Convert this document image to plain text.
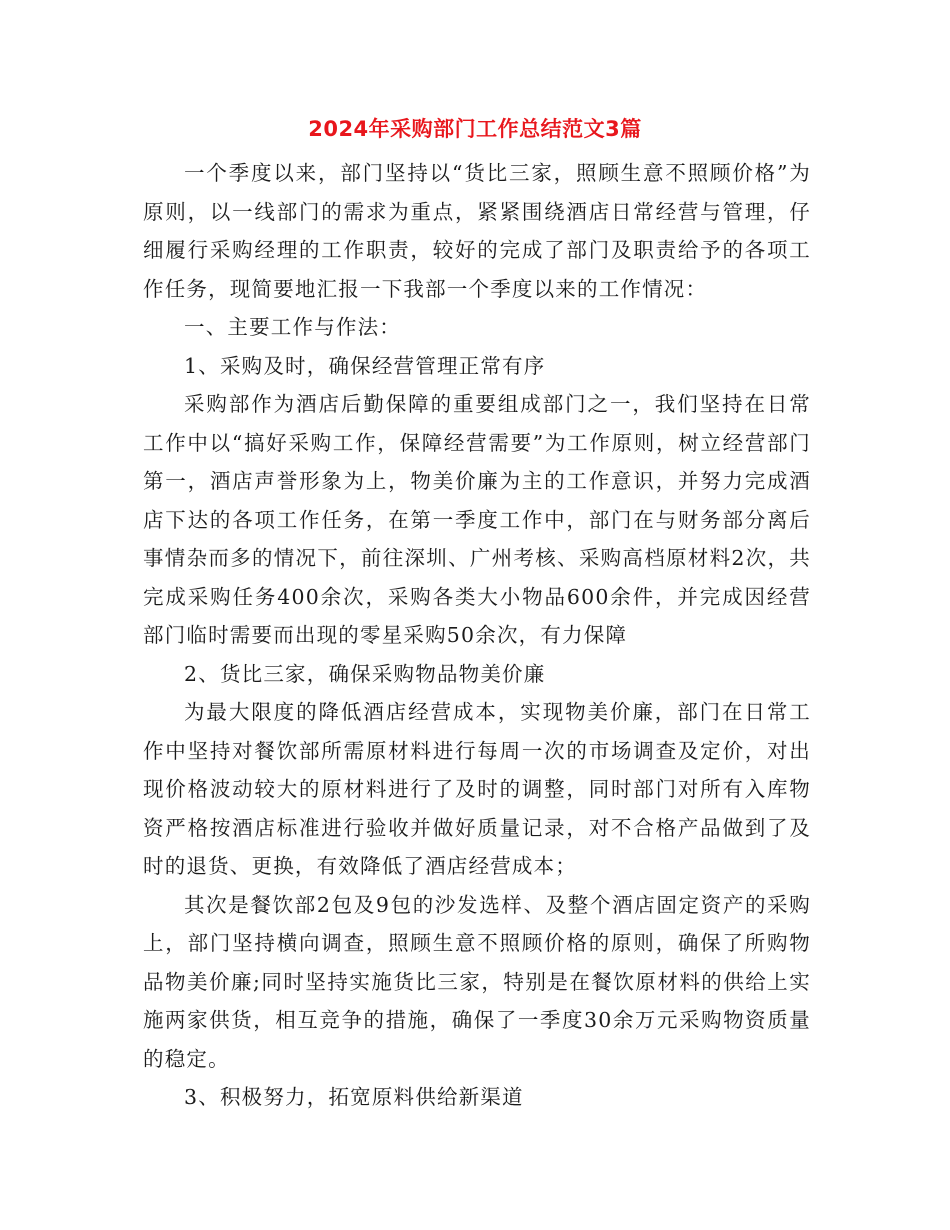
2024年采购部门工作总结范文3篇

一个季度以来，部门坚持以“货比三家，照顾生意不照顾价格”为原则，以一线部门的需求为重点，紧紧围绕酒店日常经营与管理，仔细履行采购经理的工作职责，较好的完成了部门及职责给予的各项工作任务，现简要地汇报一下我部一个季度以来的工作情况：

一、主要工作与作法：

1、采购及时，确保经营管理正常有序

采购部作为酒店后勤保障的重要组成部门之一，我们坚持在日常工作中以“搞好采购工作，保障经营需要”为工作原则，树立经营部门第一，酒店声誉形象为上，物美价廉为主的工作意识，并努力完成酒店下达的各项工作任务，在第一季度工作中，部门在与财务部分离后事情杂而多的情况下，前往深圳、广州考核、采购高档原材料2次，共完成采购任务400余次，采购各类大小物品600余件，并完成因经营部门临时需要而出现的零星采购50余次，有力保障

2、货比三家，确保采购物品物美价廉

为最大限度的降低酒店经营成本，实现物美价廉，部门在日常工作中坚持对餐饮部所需原材料进行每周一次的市场调查及定价，对出现价格波动较大的原材料进行了及时的调整，同时部门对所有入库物资严格按酒店标准进行验收并做好质量记录，对不合格产品做到了及时的退货、更换，有效降低了酒店经营成本；

其次是餐饮部2包及9包的沙发选样、及整个酒店固定资产的采购上，部门坚持横向调查，照顾生意不照顾价格的原则，确保了所购物品物美价廉;同时坚持实施货比三家，特别是在餐饮原材料的供给上实施两家供货，相互竞争的措施，确保了一季度30余万元采购物资质量的稳定。

3、积极努力，拓宽原料供给新渠道
